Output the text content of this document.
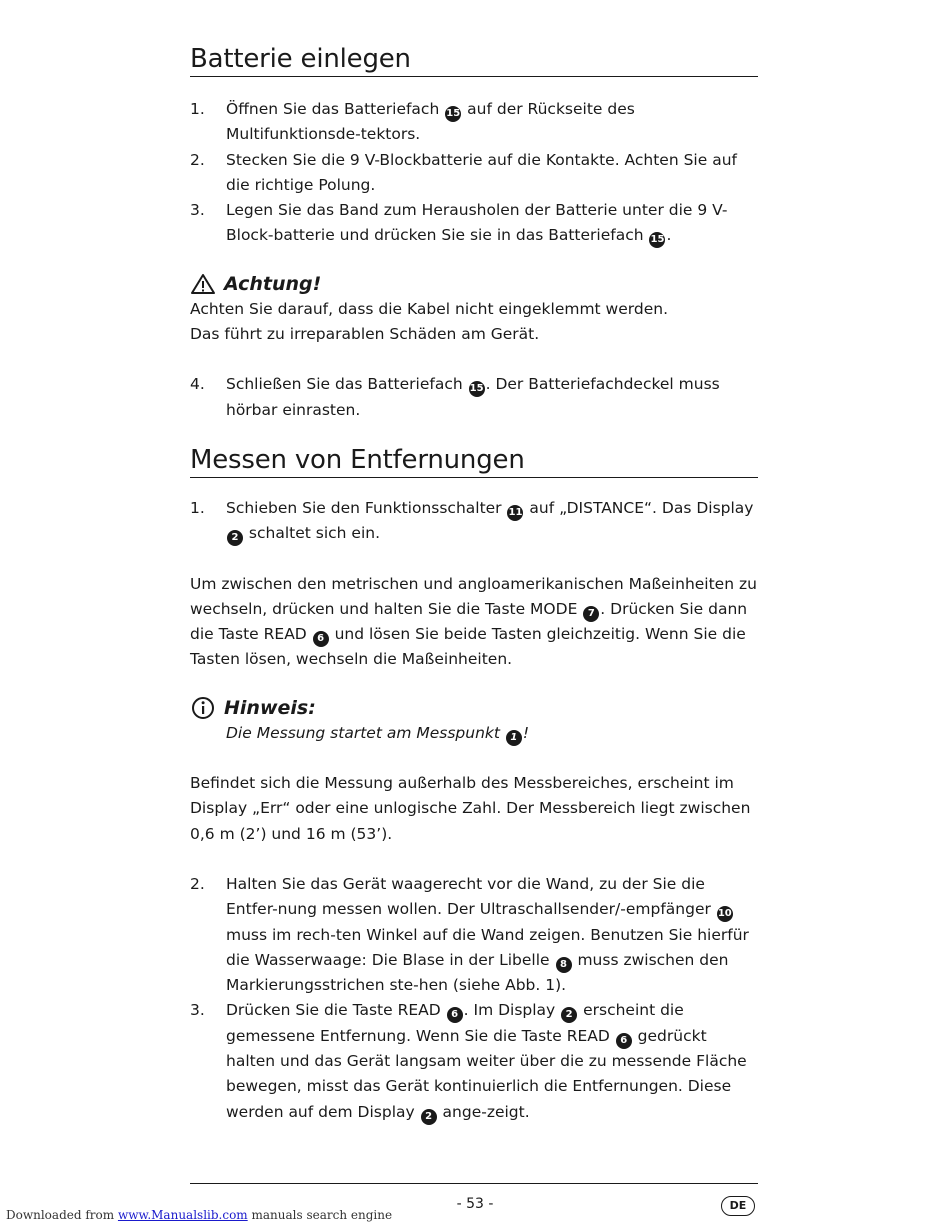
Batterie einlegen
1.	Öffnen Sie das Batteriefach 15 auf der Rückseite des Multifunktionsde-tektors.
2.	Stecken Sie die 9 V-Blockbatterie auf die Kontakte. Achten Sie auf die richtige Polung.
3.	Legen Sie das Band zum Herausholen der Batterie unter die 9 V-Block-batterie und drücken Sie sie in das Batteriefach 15 .
Achtung!
Achten Sie darauf, dass die Kabel nicht eingeklemmt werden.
Das führt zu irreparablen Schäden am Gerät.
4.	Schließen Sie das Batteriefach 15 . Der Batteriefachdeckel muss hörbar einrasten.
Messen von Entfernungen
1.	Schieben Sie den Funktionsschalter 11 auf „DISTANCE“. Das Display 2 schaltet sich ein.
Um zwischen den metrischen und angloamerikanischen Maßeinheiten zu wechseln, drücken und halten Sie die Taste MODE 7 . Drücken Sie dann die Taste READ 6 und lösen Sie beide Tasten gleichzeitig. Wenn Sie die Tasten lösen, wechseln die Maßeinheiten.
Hinweis:
Die Messung startet am Messpunkt 1 !
Befindet sich die Messung außerhalb des Messbereiches, erscheint im Display „Err“ oder eine unlogische Zahl. Der Messbereich liegt zwischen 0,6 m (2’) und 16 m (53’).
2.	Halten Sie das Gerät waagerecht vor die Wand, zu der Sie die Entfer-nung messen wollen. Der Ultraschallsender/-empfänger 10 muss im rech-ten Winkel auf die Wand zeigen. Benutzen Sie hierfür die Wasserwaage: Die Blase in der Libelle 8 muss zwischen den Markierungsstrichen ste-hen (siehe Abb. 1).
3.	Drücken Sie die Taste READ 6 . Im Display 2 erscheint die gemessene Entfernung. Wenn Sie die Taste READ 6 gedrückt halten und das Gerät langsam weiter über die zu messende Fläche bewegen, misst das Gerät kontinuierlich die Entfernungen. Diese werden auf dem Display 2 ange-zeigt.
- 53 -	DE
Downloaded from www.Manualslib.com manuals search engine
